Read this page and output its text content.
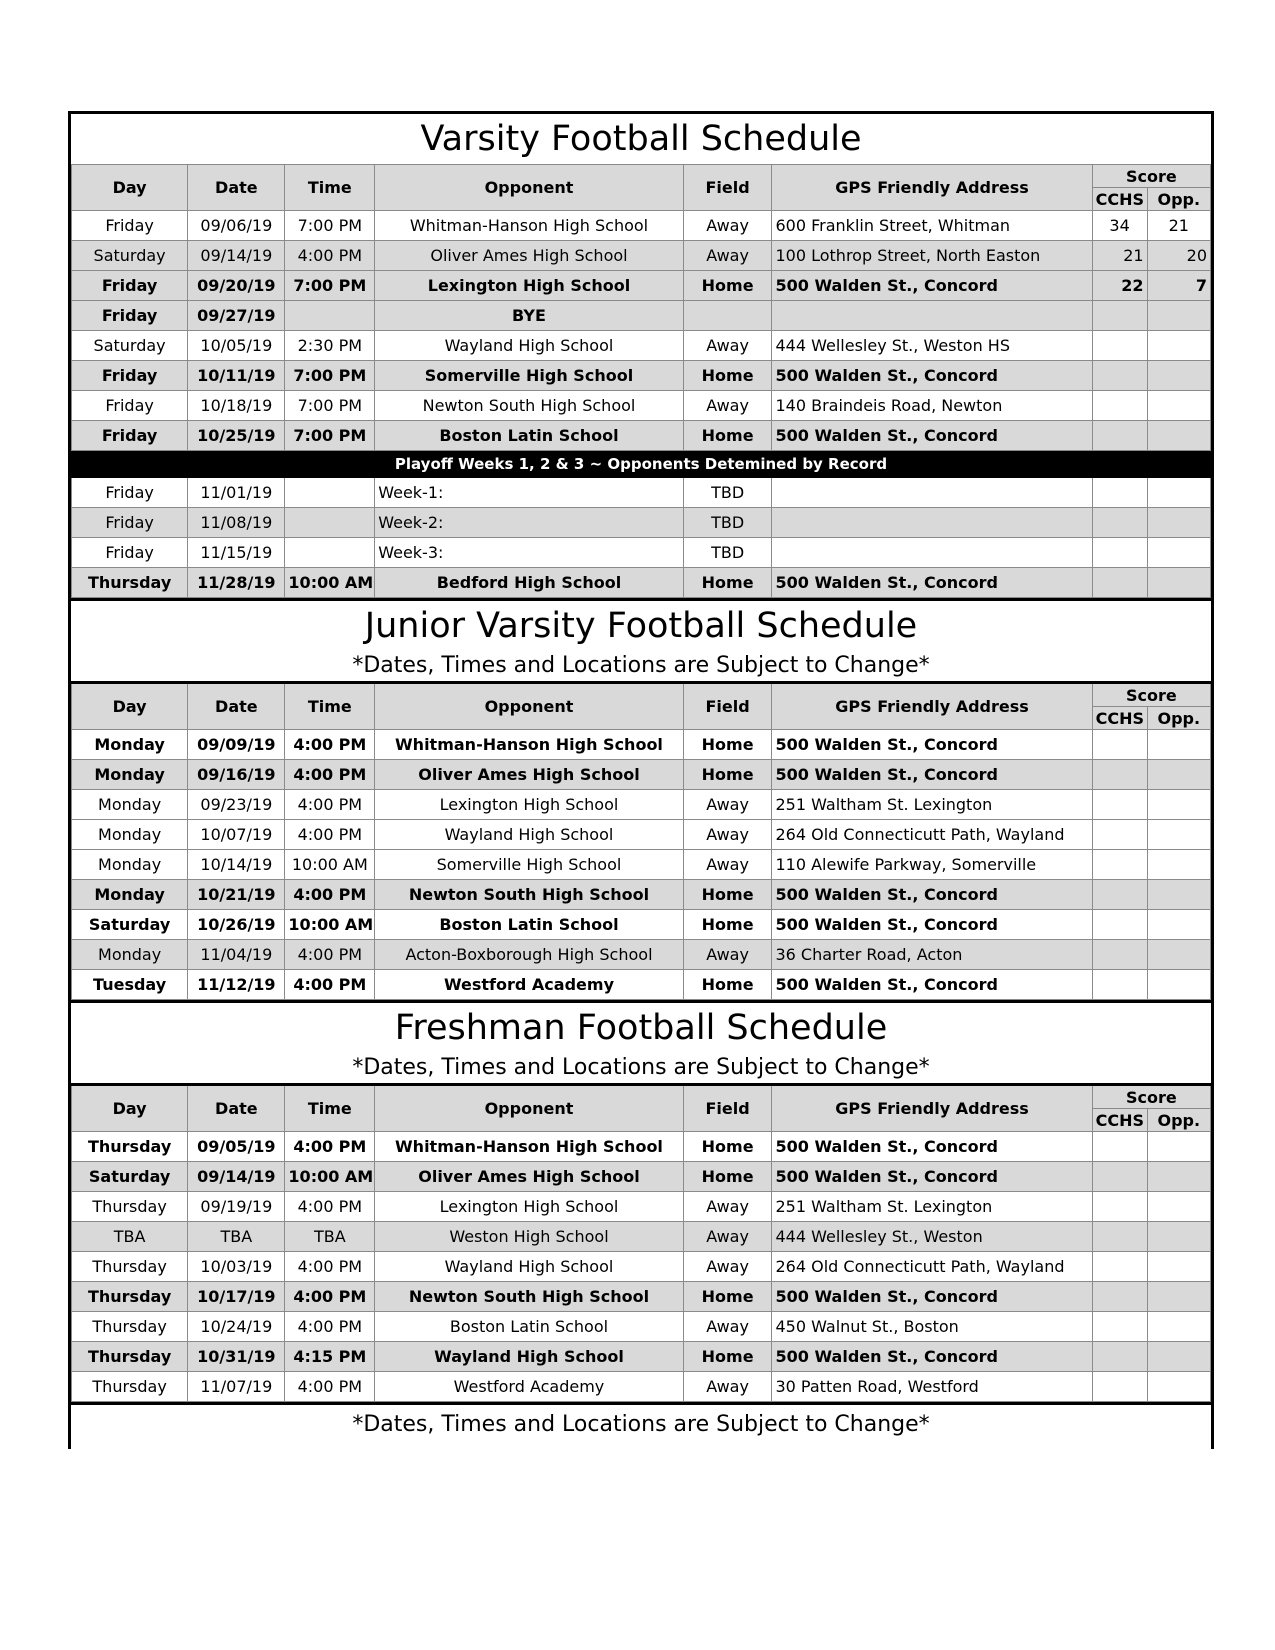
Varsity Football Schedule
Day	Date	Time	Opponent	Field	GPS Friendly Address	Score	
						CCHS	Opp.
Friday	09/06/19	7:00 PM	Whitman-Hanson High School	Away	600 Franklin Street, Whitman	34	21
Saturday	09/14/19	4:00 PM	Oliver Ames High School	Away	100 Lothrop Street, North Easton	21	20
Friday	09/20/19	7:00 PM	Lexington High School	Home	500 Walden St., Concord	22	7
Friday	09/27/19		BYE				
Saturday	10/05/19	2:30 PM	Wayland High School	Away	444 Wellesley St., Weston HS		
Friday	10/11/19	7:00 PM	Somerville High School	Home	500 Walden St., Concord		
Friday	10/18/19	7:00 PM	Newton South High School	Away	140 Braindeis Road, Newton		
Friday	10/25/19	7:00 PM	Boston Latin School	Home	500 Walden St., Concord		
Playoff Weeks 1, 2 & 3 ~ Opponents Detemined by Record							
Friday	11/01/19		Week-1:	TBD			
Friday	11/08/19		Week-2:	TBD			
Friday	11/15/19		Week-3:	TBD			
Thursday	11/28/19	10:00 AM	Bedford High School	Home	500 Walden St., Concord		
Junior Varsity Football Schedule
*Dates, Times and Locations are Subject to Change*
Day	Date	Time	Opponent	Field	GPS Friendly Address	Score	
						CCHS	Opp.
Monday	09/09/19	4:00 PM	Whitman-Hanson High School	Home	500 Walden St., Concord		
Monday	09/16/19	4:00 PM	Oliver Ames High School	Home	500 Walden St., Concord		
Monday	09/23/19	4:00 PM	Lexington High School	Away	251 Waltham St. Lexington		
Monday	10/07/19	4:00 PM	Wayland High School	Away	264 Old Connecticutt Path, Wayland		
Monday	10/14/19	10:00 AM	Somerville High School	Away	110 Alewife Parkway, Somerville		
Monday	10/21/19	4:00 PM	Newton South High School	Home	500 Walden St., Concord		
Saturday	10/26/19	10:00 AM	Boston Latin School	Home	500 Walden St., Concord		
Monday	11/04/19	4:00 PM	Acton-Boxborough High School	Away	36 Charter Road, Acton		
Tuesday	11/12/19	4:00 PM	Westford Academy	Home	500 Walden St., Concord		
Freshman Football Schedule
*Dates, Times and Locations are Subject to Change*
Day	Date	Time	Opponent	Field	GPS Friendly Address	Score	
						CCHS	Opp.
Thursday	09/05/19	4:00 PM	Whitman-Hanson High School	Home	500 Walden St., Concord		
Saturday	09/14/19	10:00 AM	Oliver Ames High School	Home	500 Walden St., Concord		
Thursday	09/19/19	4:00 PM	Lexington High School	Away	251 Waltham St. Lexington		
TBA	TBA	TBA	Weston High School	Away	444 Wellesley St., Weston		
Thursday	10/03/19	4:00 PM	Wayland High School	Away	264 Old Connecticutt Path, Wayland		
Thursday	10/17/19	4:00 PM	Newton South High School	Home	500 Walden St., Concord		
Thursday	10/24/19	4:00 PM	Boston Latin School	Away	450 Walnut St., Boston		
Thursday	10/31/19	4:15 PM	Wayland High School	Home	500 Walden St., Concord		
Thursday	11/07/19	4:00 PM	Westford Academy	Away	30 Patten Road, Westford		
*Dates, Times and Locations are Subject to Change*
